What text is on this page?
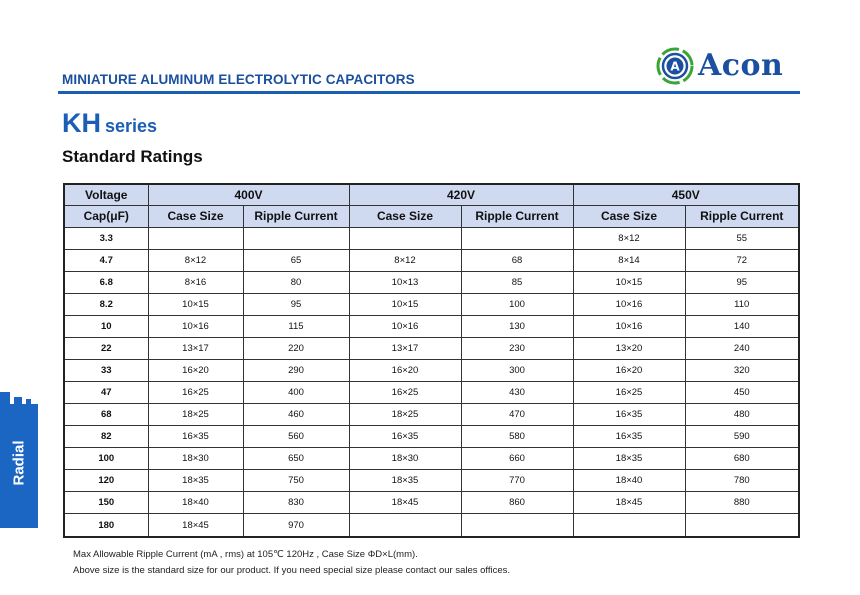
MINIATURE ALUMINUM ELECTROLYTIC CAPACITORS
A Acon
KH series
Standard Ratings
Voltage	400V		420V		450V	
Cap(μF)	Case Size	Ripple Current	Case Size	Ripple Current	Case Size	Ripple Current
3.3					8×12	55
4.7	8×12	65	8×12	68	8×14	72
6.8	8×16	80	10×13	85	10×15	95
8.2	10×15	95	10×15	100	10×16	110
10	10×16	115	10×16	130	10×16	140
22	13×17	220	13×17	230	13×20	240
33	16×20	290	16×20	300	16×20	320
47	16×25	400	16×25	430	16×25	450
68	18×25	460	18×25	470	16×35	480
82	16×35	560	16×35	580	16×35	590
100	18×30	650	18×30	660	18×35	680
120	18×35	750	18×35	770	18×40	780
150	18×40	830	18×45	860	18×45	880
180	18×45	970				
Max Allowable Ripple Current (mA , rms) at 105℃ 120Hz , Case Size ΦD×L(mm).
Above size is the standard size for our product. If you need special size please contact our sales offices.
Radial
